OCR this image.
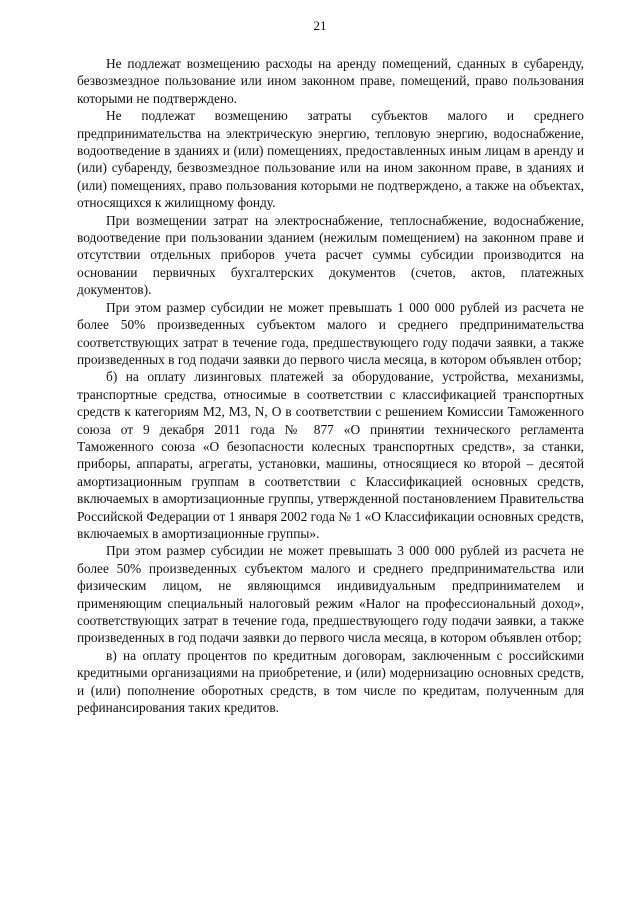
21

Не подлежат возмещению расходы на аренду помещений, сданных в субаренду, безвозмездное пользование или ином законном праве, помещений, право пользования которыми не подтверждено.

Не подлежат возмещению затраты субъектов малого и среднего предпринимательства на электрическую энергию, тепловую энергию, водоснабжение, водоотведение в зданиях и (или) помещениях, предоставленных иным лицам в аренду и (или) субаренду, безвозмездное пользование или на ином законном праве, в зданиях и (или) помещениях, право пользования которыми не подтверждено, а также на объектах, относящихся к жилищному фонду.

При возмещении затрат на электроснабжение, теплоснабжение, водоснабжение, водоотведение при пользовании зданием (нежилым помещением) на законном праве и отсутствии отдельных приборов учета расчет суммы субсидии производится на основании первичных бухгалтерских документов (счетов, актов, платежных документов).

При этом размер субсидии не может превышать 1 000 000 рублей из расчета не более 50% произведенных субъектом малого и среднего предпринимательства соответствующих затрат в течение года, предшествующего году подачи заявки, а также произведенных в год подачи заявки до первого числа месяца, в котором объявлен отбор;

б) на оплату лизинговых платежей за оборудование, устройства, механизмы, транспортные средства, относимые в соответствии с классификацией транспортных средств к категориям M2, M3, N, O в соответствии с решением Комиссии Таможенного союза от 9 декабря 2011 года № 877 «О принятии технического регламента Таможенного союза «О безопасности колесных транспортных средств», за станки, приборы, аппараты, агрегаты, установки, машины, относящиеся ко второй – десятой амортизационным группам в соответствии с Классификацией основных средств, включаемых в амортизационные группы, утвержденной постановлением Правительства Российской Федерации от 1 января 2002 года № 1 «О Классификации основных средств, включаемых в амортизационные группы».

При этом размер субсидии не может превышать 3 000 000 рублей из расчета не более 50% произведенных субъектом малого и среднего предпринимательства или физическим лицом, не являющимся индивидуальным предпринимателем и применяющим специальный налоговый режим «Налог на профессиональный доход», соответствующих затрат в течение года, предшествующего году подачи заявки, а также произведенных в год подачи заявки до первого числа месяца, в котором объявлен отбор;

в) на оплату процентов по кредитным договорам, заключенным с российскими кредитными организациями на приобретение, и (или) модернизацию основных средств, и (или) пополнение оборотных средств, в том числе по кредитам, полученным для рефинансирования таких кредитов.
